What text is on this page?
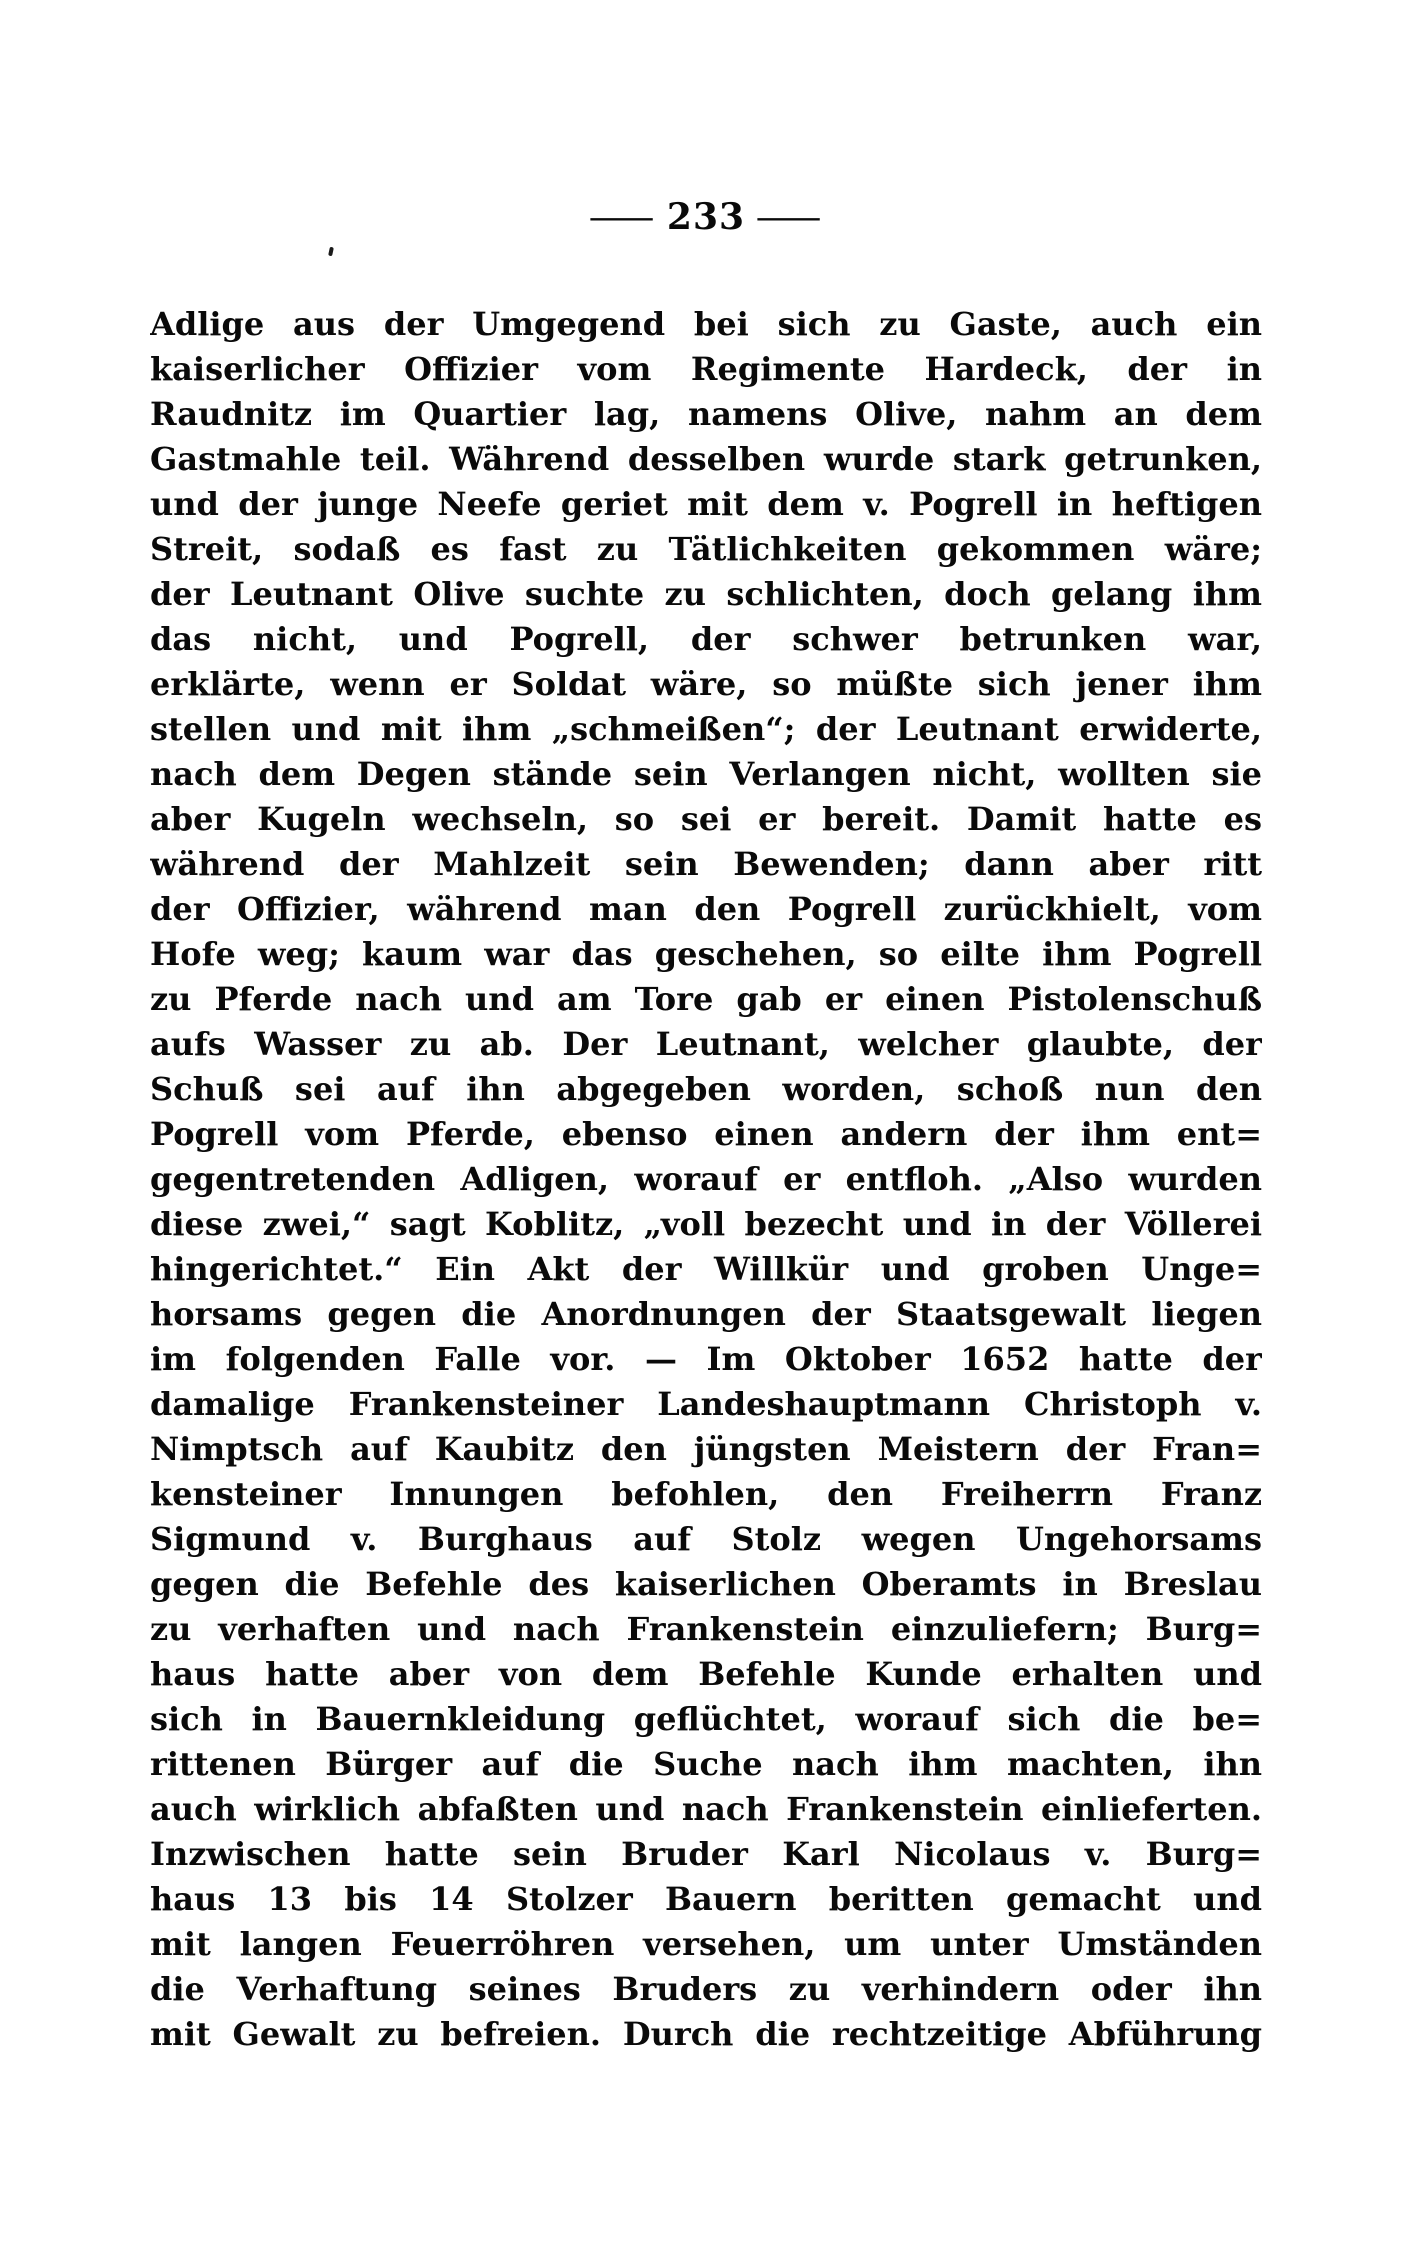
— 233 —
Adlige aus der Umgegend bei sich zu Gaste, auch ein
kaiserlicher Offizier vom Regimente Hardeck, der in
Raudnitz im Quartier lag, namens Olive, nahm an dem
Gastmahle teil. Während desselben wurde stark getrunken,
und der junge Neefe geriet mit dem v. Pogrell in heftigen
Streit, sodaß es fast zu Tätlichkeiten gekommen wäre;
der Leutnant Olive suchte zu schlichten, doch gelang ihm
das nicht, und Pogrell, der schwer betrunken war,
erklärte, wenn er Soldat wäre, so müßte sich jener ihm
stellen und mit ihm „schmeißen“; der Leutnant erwiderte,
nach dem Degen stände sein Verlangen nicht, wollten sie
aber Kugeln wechseln, so sei er bereit. Damit hatte es
während der Mahlzeit sein Bewenden; dann aber ritt
der Offizier, während man den Pogrell zurückhielt, vom
Hofe weg; kaum war das geschehen, so eilte ihm Pogrell
zu Pferde nach und am Tore gab er einen Pistolenschuß
aufs Wasser zu ab. Der Leutnant, welcher glaubte, der
Schuß sei auf ihn abgegeben worden, schoß nun den
Pogrell vom Pferde, ebenso einen andern der ihm ent=
gegentretenden Adligen, worauf er entfloh. „Also wurden
diese zwei,“ sagt Koblitz, „voll bezecht und in der Völlerei
hingerichtet.“ Ein Akt der Willkür und groben Unge=
horsams gegen die Anordnungen der Staatsgewalt liegen
im folgenden Falle vor. — Im Oktober 1652 hatte der
damalige Frankensteiner Landeshauptmann Christoph v.
Nimptsch auf Kaubitz den jüngsten Meistern der Fran=
kensteiner Innungen befohlen, den Freiherrn Franz
Sigmund v. Burghaus auf Stolz wegen Ungehorsams
gegen die Befehle des kaiserlichen Oberamts in Breslau
zu verhaften und nach Frankenstein einzuliefern; Burg=
haus hatte aber von dem Befehle Kunde erhalten und
sich in Bauernkleidung geflüchtet, worauf sich die be=
rittenen Bürger auf die Suche nach ihm machten, ihn
auch wirklich abfaßten und nach Frankenstein einlieferten.
Inzwischen hatte sein Bruder Karl Nicolaus v. Burg=
haus 13 bis 14 Stolzer Bauern beritten gemacht und
mit langen Feuerröhren versehen, um unter Umständen
die Verhaftung seines Bruders zu verhindern oder ihn
mit Gewalt zu befreien. Durch die rechtzeitige Abführung
